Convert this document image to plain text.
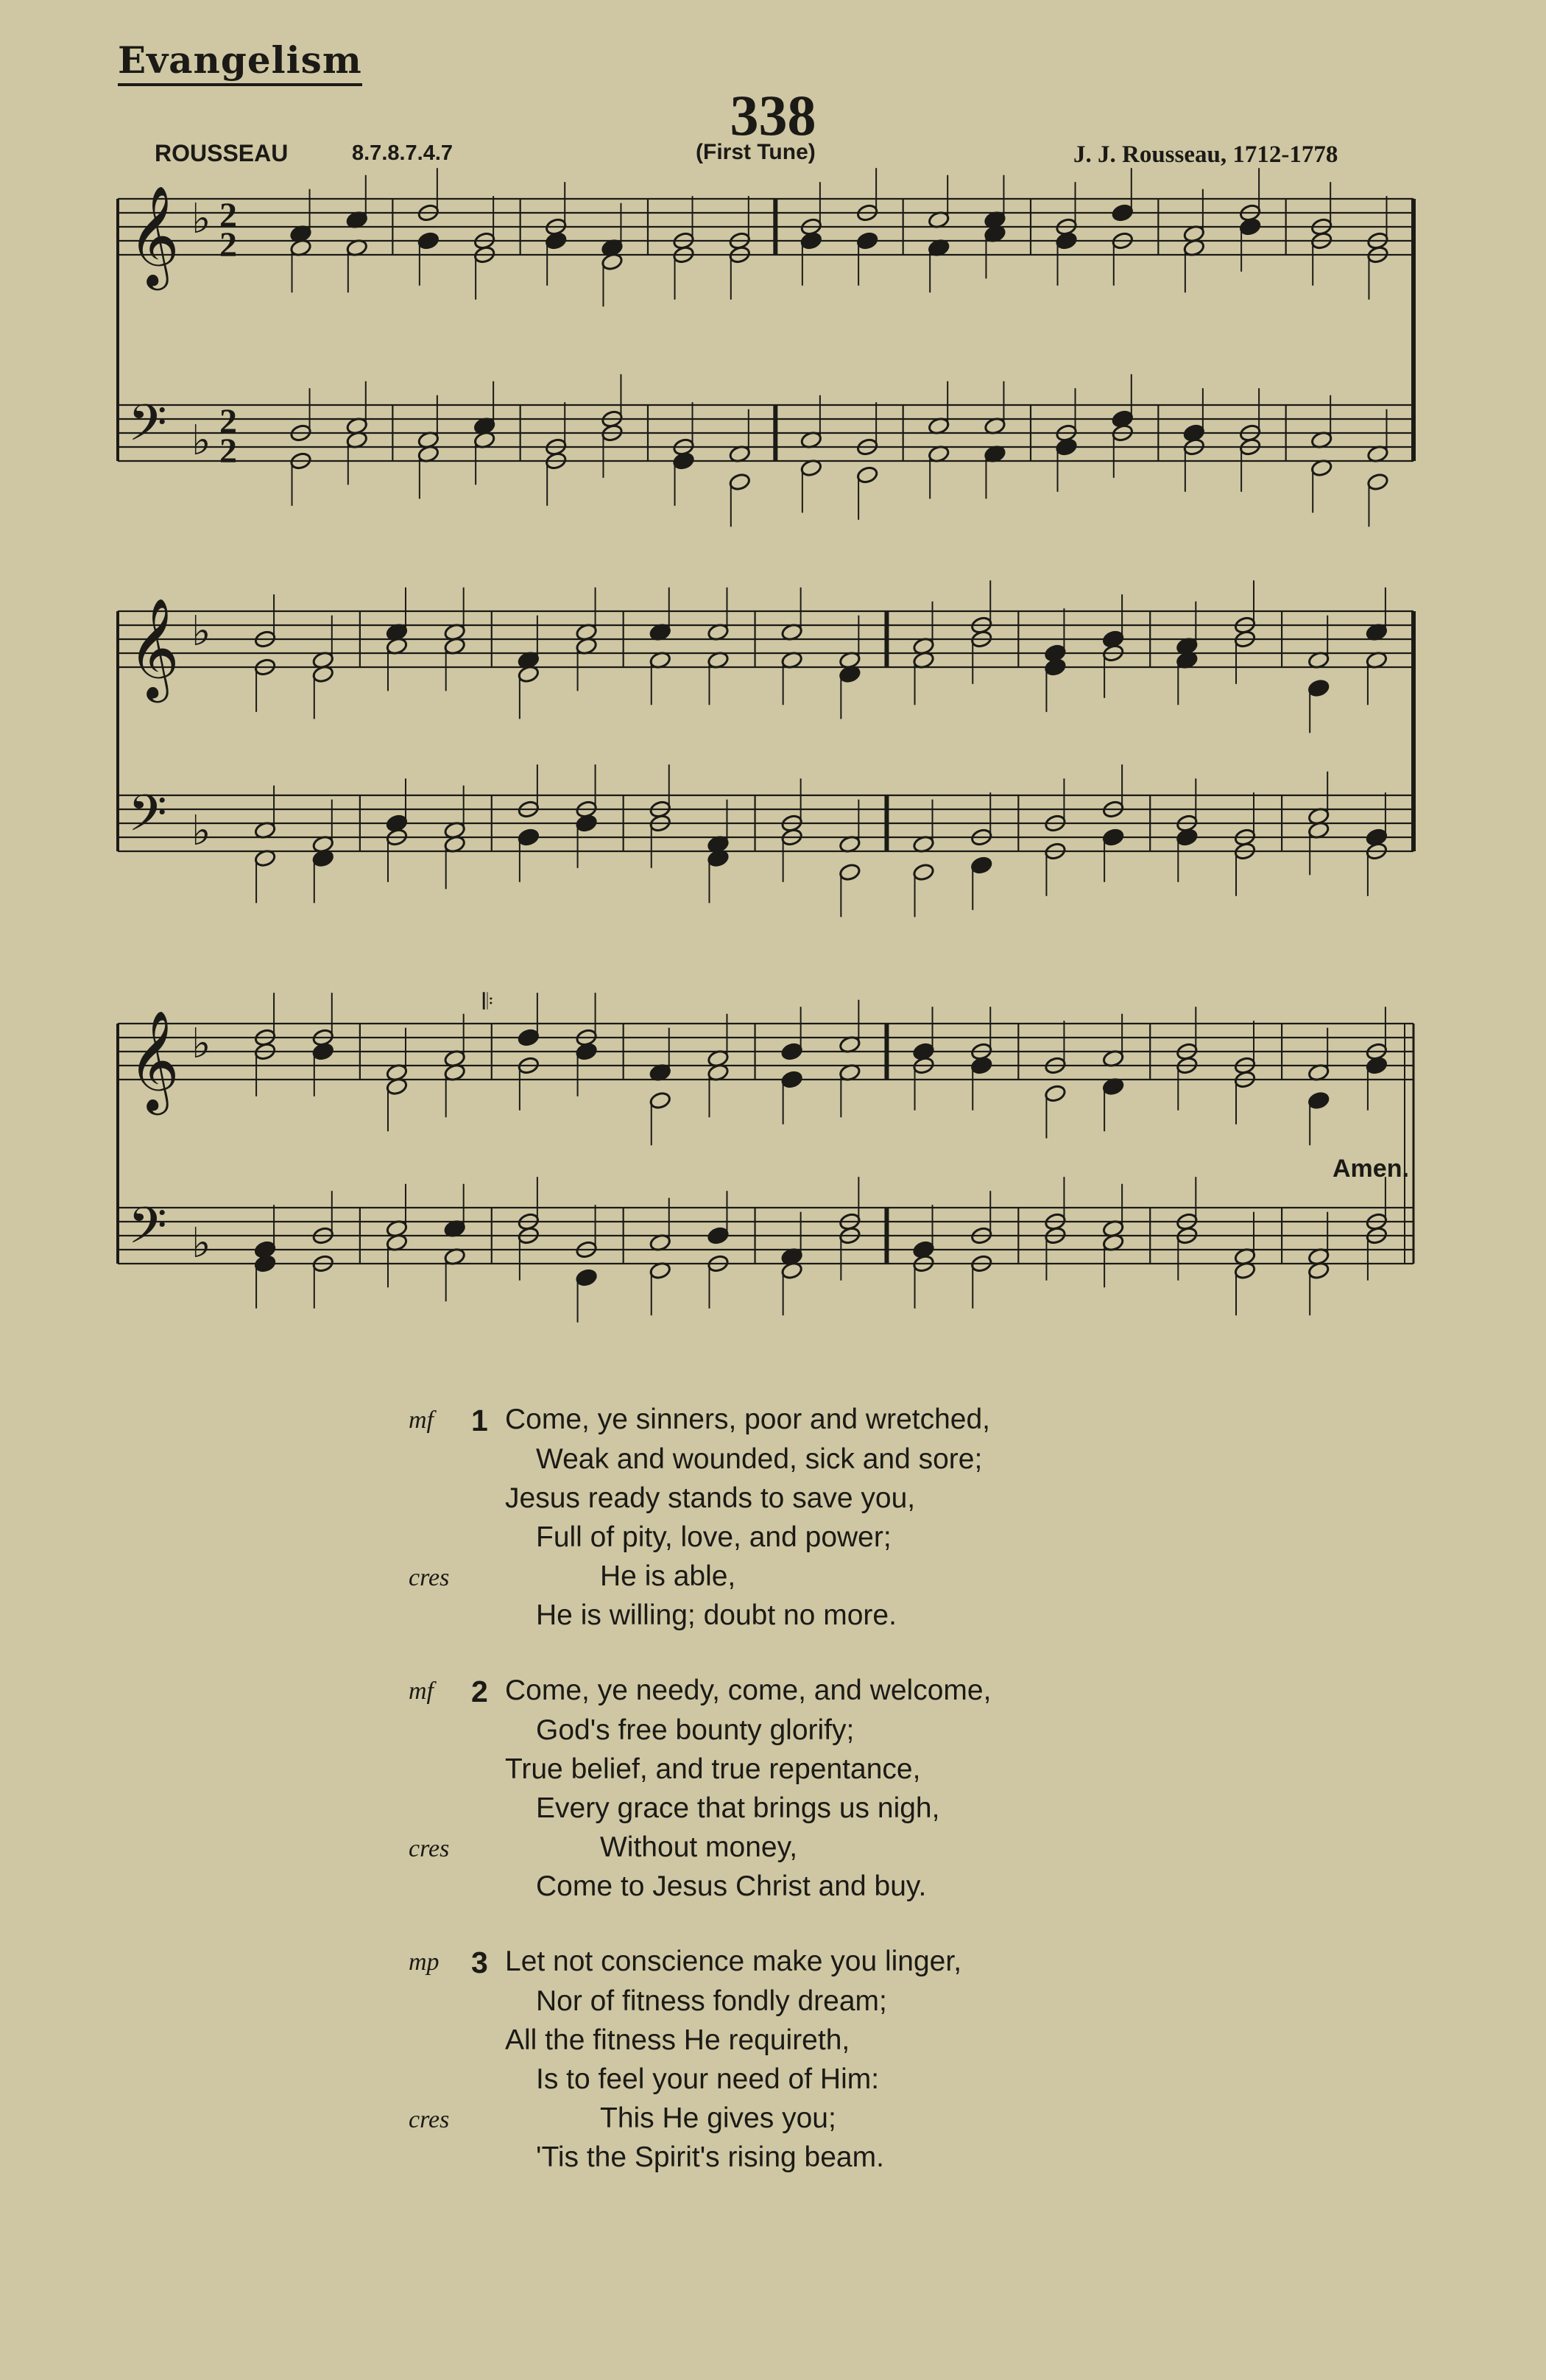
Evangelism
338
ROUSSEAU	8.7.8.7.4.7	(First Tune)	J. J. Rousseau, 1712-1778
𝄞 ♭ 2
2
𝄢 ♭ 2
2
𝄞 ♭
𝄢 ♭
𝄞 ♭
𝄢 ♭
𝄆
Amen.
mf 1 Come, ye sinners, poor and wretched,
Weak and wounded, sick and sore;
Jesus ready stands to save you,
Full of pity, love, and power;
cres	He is able,
He is willing; doubt no more.
mf 2 Come, ye needy, come, and welcome,
God's free bounty glorify;
True belief, and true repentance,
Every grace that brings us nigh,
cres	Without money,
Come to Jesus Christ and buy.
mp 3 Let not conscience make you linger,
Nor of fitness fondly dream;
All the fitness He requireth,
Is to feel your need of Him:
cres	This He gives you;
'Tis the Spirit's rising beam.
